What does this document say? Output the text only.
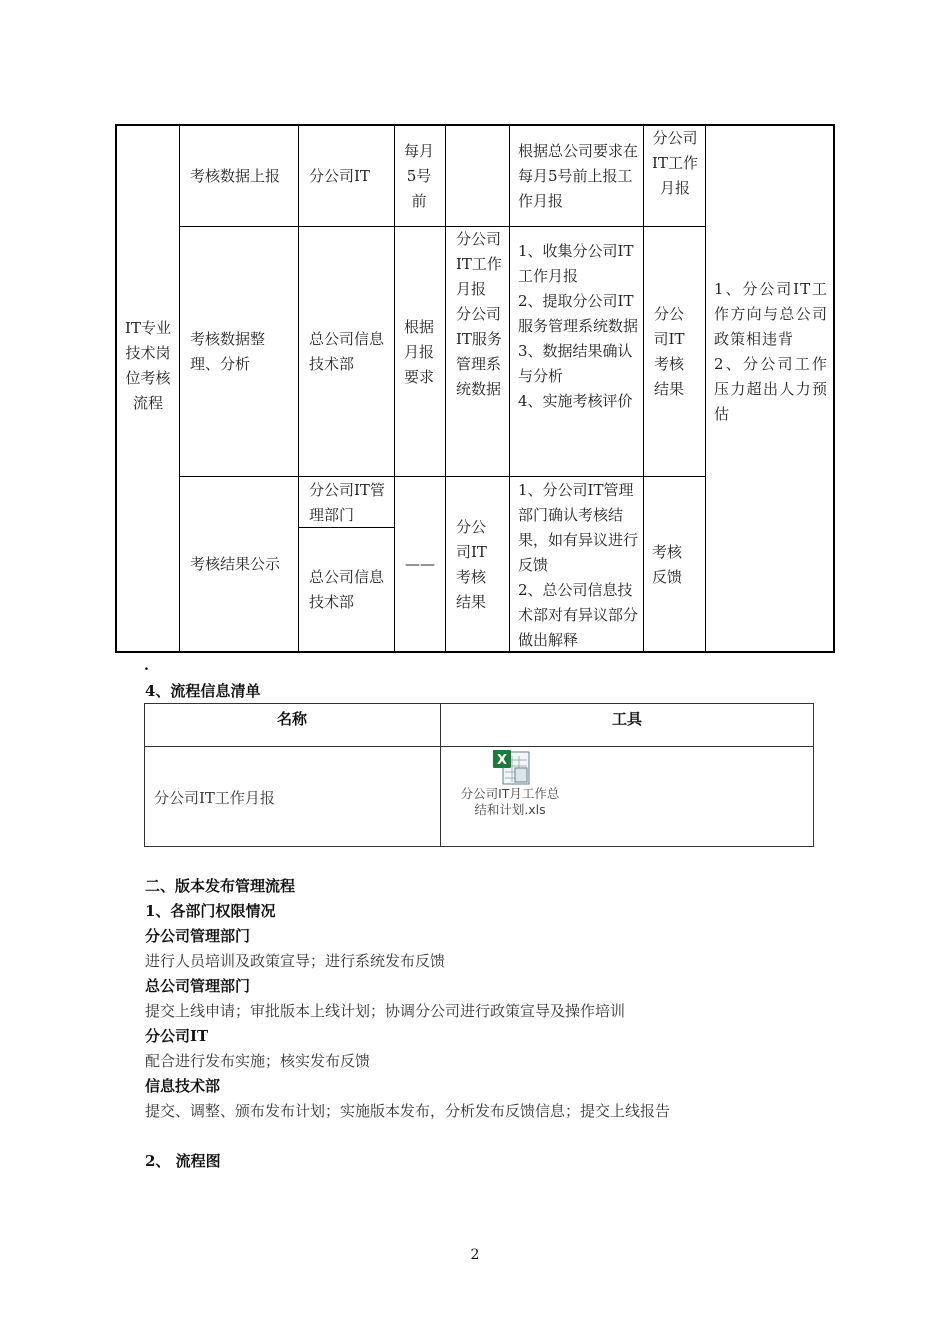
IT专业技术岗位考核流程
考核数据上报	分公司IT
每月5号前
根据总公司要求在每月5号前上报工作月报
分公司IT工作月报
考核数据整理、分析
总公司信息技术部
根据月报要求
分公司IT工作月报  分公司IT服务管理系统数据
1、收集分公司IT工作月报
2、提取分公司IT服务管理系统数据
3、数据结果确认与分析
4、实施考核评价
分公司IT考核结果
考核结果公示
分公司IT管理部门
总公司信息技术部
——
分公司IT考核结果
1、分公司IT管理部门确认考核结果，如有异议进行反馈
2、总公司信息技术部对有异议部分做出解释
考核反馈
1、分公司IT工作方向与总公司政策相违背
2、分公司工作压力超出人力预估
.
4、流程信息清单
名称	工具
分公司IT工作月报
X
分公司IT月工作总
结和计划.xls
二、版本发布管理流程
1、各部门权限情况
分公司管理部门
进行人员培训及政策宣导；进行系统发布反馈
总公司管理部门
提交上线申请；审批版本上线计划；协调分公司进行政策宣导及操作培训
分公司IT
配合进行发布实施；核实发布反馈
信息技术部
提交、调整、颁布发布计划；实施版本发布，分析发布反馈信息；提交上线报告
2、 流程图
2
